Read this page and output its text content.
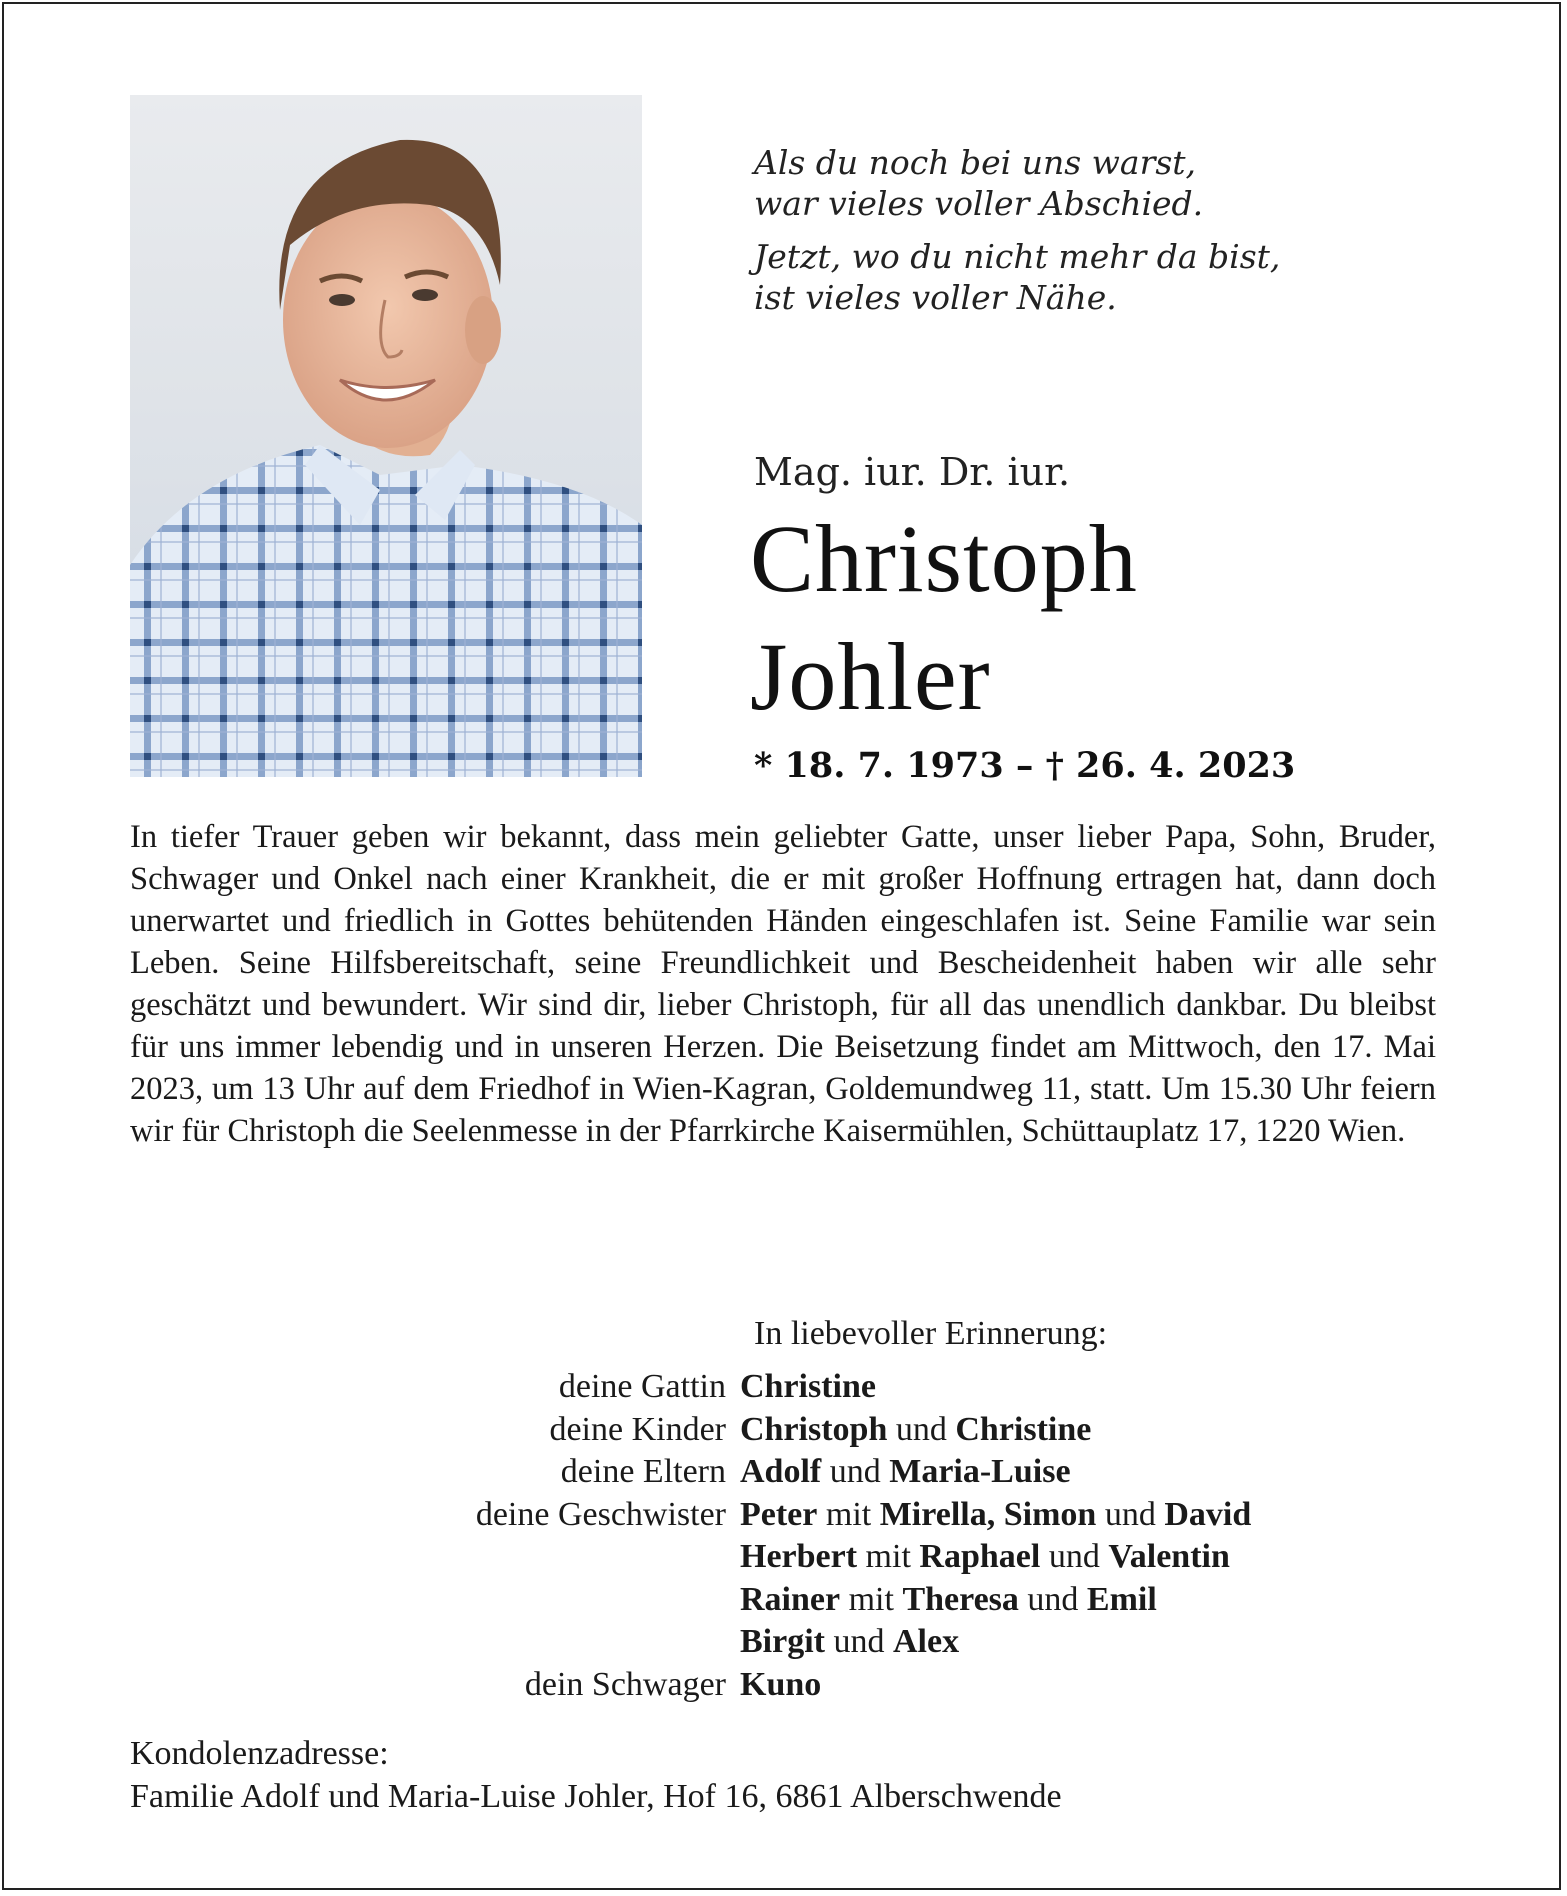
Als du noch bei uns warst,
war vieles voller Abschied.

Jetzt, wo du nicht mehr da bist,
ist vieles voller Nähe.

Mag. iur. Dr. iur.
Christoph
Johler
* 18. 7. 1973 – † 26. 4. 2023
In tiefer Trauer geben wir bekannt, dass mein geliebter Gatte, unser lieber Papa, Sohn, Bruder, Schwager und Onkel nach einer Krankheit, die er mit großer Hoffnung ertragen hat, dann doch unerwartet und friedlich in Gottes behütenden Händen eingeschlafen ist. Seine Familie war sein Leben. Seine Hilfsbereitschaft, seine Freundlichkeit und Bescheidenheit haben wir alle sehr geschätzt und bewundert. Wir sind dir, lieber Christoph, für all das unendlich dankbar. Du bleibst für uns immer lebendig und in unseren Herzen. Die Beisetzung findet am Mittwoch, den 17. Mai 2023, um 13 Uhr auf dem Friedhof in Wien-Kagran, Goldemundweg 11, statt. Um 15.30 Uhr feiern wir für Christoph die Seelenmesse in der Pfarrkirche Kaisermühlen, Schüttauplatz 17, 1220 Wien.
In liebevoller Erinnerung:
deine Gattin Christine
deine Kinder Christoph und Christine
deine Eltern Adolf und Maria-Luise
deine Geschwister Peter mit Mirella, Simon und David
Herbert mit Raphael und Valentin
Rainer mit Theresa und Emil
Birgit und Alex
dein Schwager Kuno
Kondolenzadresse:
Familie Adolf und Maria-Luise Johler, Hof 16, 6861 Alberschwende
